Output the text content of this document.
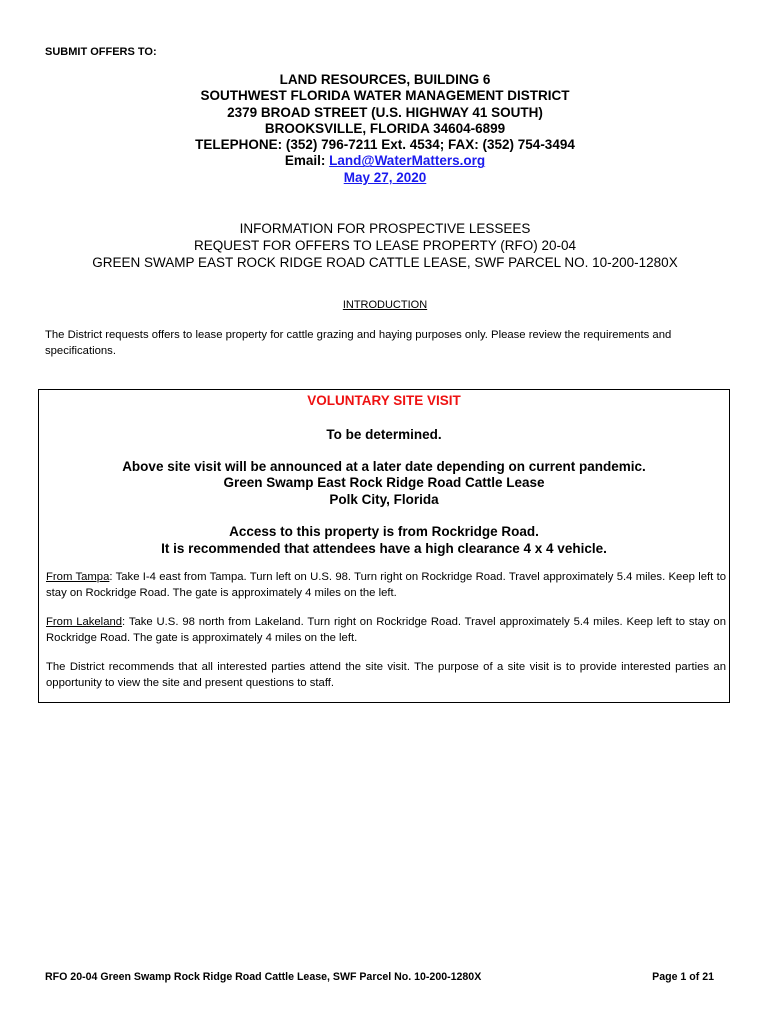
SUBMIT OFFERS TO:
LAND RESOURCES, BUILDING 6
SOUTHWEST FLORIDA WATER MANAGEMENT DISTRICT
2379 BROAD STREET (U.S. HIGHWAY 41 SOUTH)
BROOKSVILLE, FLORIDA 34604-6899
TELEPHONE: (352) 796-7211 Ext. 4534; FAX: (352) 754-3494
Email: Land@WaterMatters.org
May 27, 2020
INFORMATION FOR PROSPECTIVE LESSEES
REQUEST FOR OFFERS TO LEASE PROPERTY (RFO) 20-04
GREEN SWAMP EAST ROCK RIDGE ROAD CATTLE LEASE, SWF PARCEL NO. 10-200-1280X
INTRODUCTION
The District requests offers to lease property for cattle grazing and haying purposes only. Please review the requirements and specifications.
VOLUNTARY SITE VISIT
To be determined.
Above site visit will be announced at a later date depending on current pandemic.
Green Swamp East Rock Ridge Road Cattle Lease
Polk City, Florida
Access to this property is from Rockridge Road.
It is recommended that attendees have a high clearance 4 x 4 vehicle.
From Tampa: Take I-4 east from Tampa. Turn left on U.S. 98. Turn right on Rockridge Road. Travel approximately 5.4 miles. Keep left to stay on Rockridge Road. The gate is approximately 4 miles on the left.
From Lakeland: Take U.S. 98 north from Lakeland. Turn right on Rockridge Road. Travel approximately 5.4 miles. Keep left to stay on Rockridge Road. The gate is approximately 4 miles on the left.
The District recommends that all interested parties attend the site visit. The purpose of a site visit is to provide interested parties an opportunity to view the site and present questions to staff.
RFO 20-04 Green Swamp Rock Ridge Road Cattle Lease, SWF Parcel No. 10-200-1280X	Page 1 of 21
